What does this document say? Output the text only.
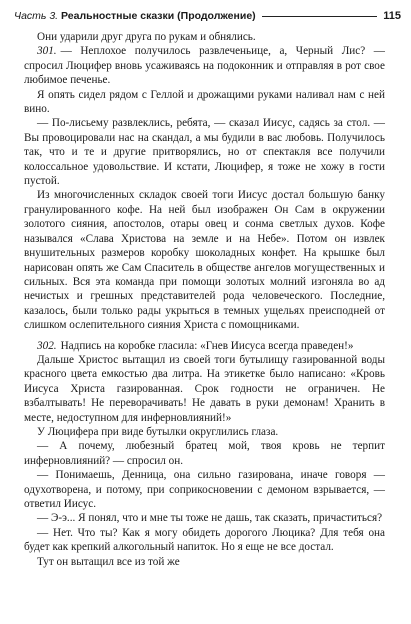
Часть 3. Реальностные сказки (Продолжение)	115

Они ударили друг друга по рукам и обнялись.

301. — Неплохое получилось развлеченьице, а, Черный Лис? — спросил Люцифер вновь усаживаясь на подоконник и отправляя в рот свое любимое печенье.

Я опять сидел рядом с Геллой и дрожащими руками наливал нам с ней вино.

— По-лисьему развлеклись, ребята, — сказал Иисус, садясь за стол. — Вы провоцировали нас на скандал, а мы будили в вас любовь. Получилось так, что и те и другие притворялись, но от спектакля все получили колоссальное удовольствие. И кстати, Люцифер, я тоже не хожу в гости пустой.

Из многочисленных складок своей тоги Иисус достал большую банку гранулированного кофе. На ней был изображен Он Сам в окружении золотого сияния, апостолов, отары овец и сонма светлых духов. Кофе назывался «Слава Христова на земле и на Небе». Потом он извлек внушительных размеров коробку шоколадных конфет. На крышке был нарисован опять же Сам Спаситель в обществе ангелов могущественных и сильных. Вся эта команда при помощи золотых молний изгоняла во ад нечистых и грешных представителей рода человеческого. Последние, казалось, были только рады укрыться в темных ущельях преисподней от слишком ослепительного сияния Христа с помощниками.

302. Надпись на коробке гласила: «Гнев Иисуса всегда праведен!»

Дальше Христос вытащил из своей тоги бутылищу газированной воды красного цвета емкостью два литра. На этикетке было написано: «Кровь Иисуса Христа газированная. Срок годности не ограничен. Не взбалтывать! Не переворачивать! Не давать в руки демонам! Хранить в месте, недоступном для инферновлияний!»

У Люцифера при виде бутылки округлились глаза.

— А почему, любезный братец мой, твоя кровь не терпит инферновлияний? — спросил он.

— Понимаешь, Денница, она сильно газирована, иначе говоря — одухотворена, и потому, при соприкосновении с демоном взрывается, — ответил Иисус.

— Э-э... Я понял, что и мне ты тоже не дашь, так сказать, причаститься?

— Нет. Что ты? Как я могу обидеть дорогого Люцика? Для тебя она будет как крепкий алкогольный напиток. Но я еще не все достал.

Тут он вытащил все из той же
